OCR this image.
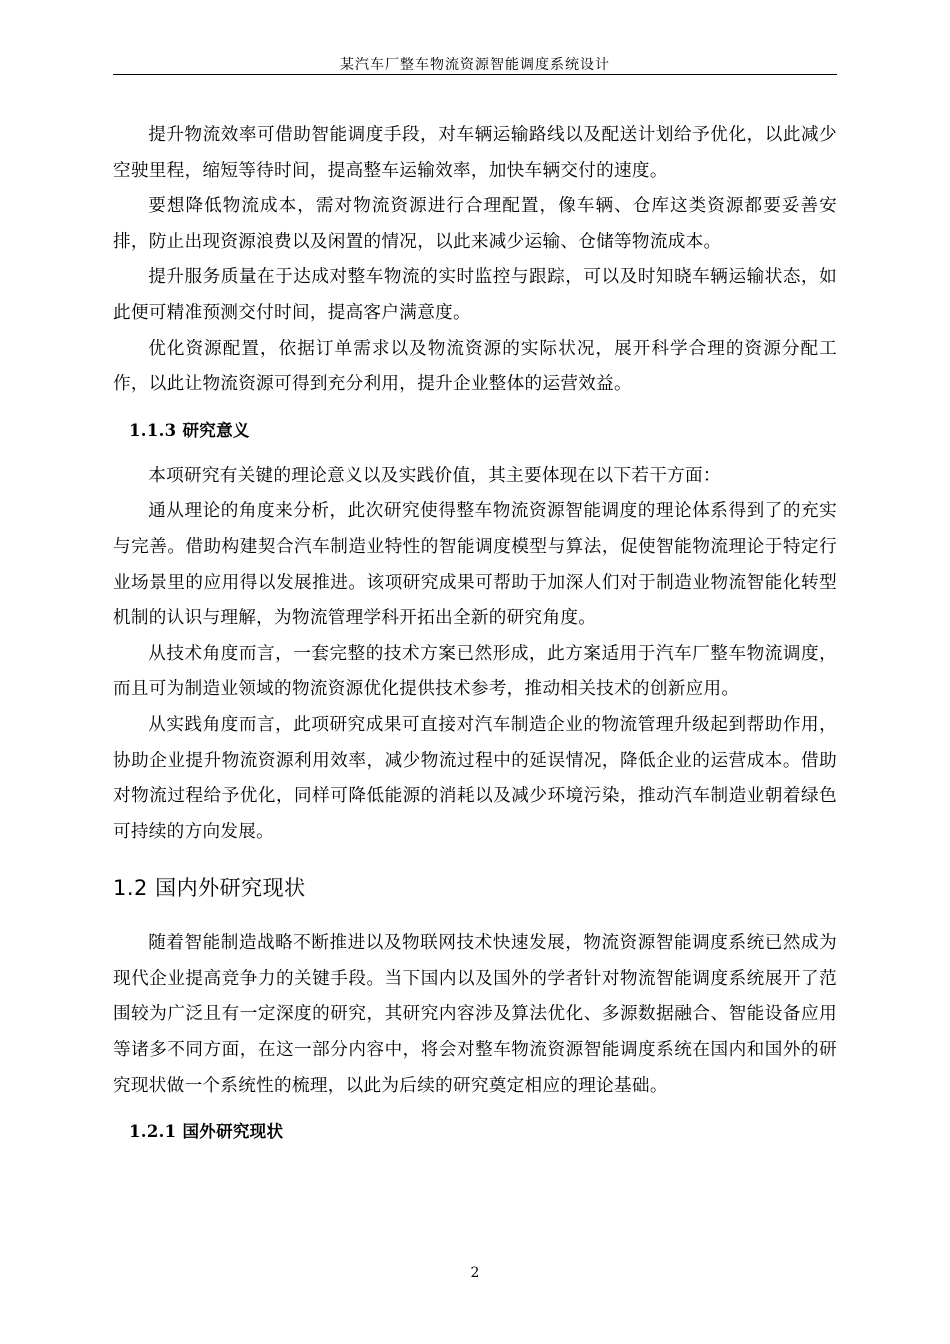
某汽车厂整车物流资源智能调度系统设计

提升物流效率可借助智能调度手段，对车辆运输路线以及配送计划给予优化，以此减少空驶里程，缩短等待时间，提高整车运输效率，加快车辆交付的速度。

要想降低物流成本，需对物流资源进行合理配置，像车辆、仓库这类资源都要妥善安排，防止出现资源浪费以及闲置的情况，以此来减少运输、仓储等物流成本。

提升服务质量在于达成对整车物流的实时监控与跟踪，可以及时知晓车辆运输状态，如此便可精准预测交付时间，提高客户满意度。

优化资源配置，依据订单需求以及物流资源的实际状况，展开科学合理的资源分配工作，以此让物流资源可得到充分利用，提升企业整体的运营效益。

1.1.3 研究意义

本项研究有关键的理论意义以及实践价值，其主要体现在以下若干方面：

通从理论的角度来分析，此次研究使得整车物流资源智能调度的理论体系得到了的充实与完善。借助构建契合汽车制造业特性的智能调度模型与算法，促使智能物流理论于特定行业场景里的应用得以发展推进。该项研究成果可帮助于加深人们对于制造业物流智能化转型机制的认识与理解，为物流管理学科开拓出全新的研究角度。

从技术角度而言，一套完整的技术方案已然形成，此方案适用于汽车厂整车物流调度，而且可为制造业领域的物流资源优化提供技术参考，推动相关技术的创新应用。

从实践角度而言，此项研究成果可直接对汽车制造企业的物流管理升级起到帮助作用，协助企业提升物流资源利用效率，减少物流过程中的延误情况，降低企业的运营成本。借助对物流过程给予优化，同样可降低能源的消耗以及减少环境污染，推动汽车制造业朝着绿色可持续的方向发展。

1.2 国内外研究现状

随着智能制造战略不断推进以及物联网技术快速发展，物流资源智能调度系统已然成为现代企业提高竞争力的关键手段。当下国内以及国外的学者针对物流智能调度系统展开了范围较为广泛且有一定深度的研究，其研究内容涉及算法优化、多源数据融合、智能设备应用等诸多不同方面，在这一部分内容中，将会对整车物流资源智能调度系统在国内和国外的研究现状做一个系统性的梳理，以此为后续的研究奠定相应的理论基础。

1.2.1 国外研究现状
2
